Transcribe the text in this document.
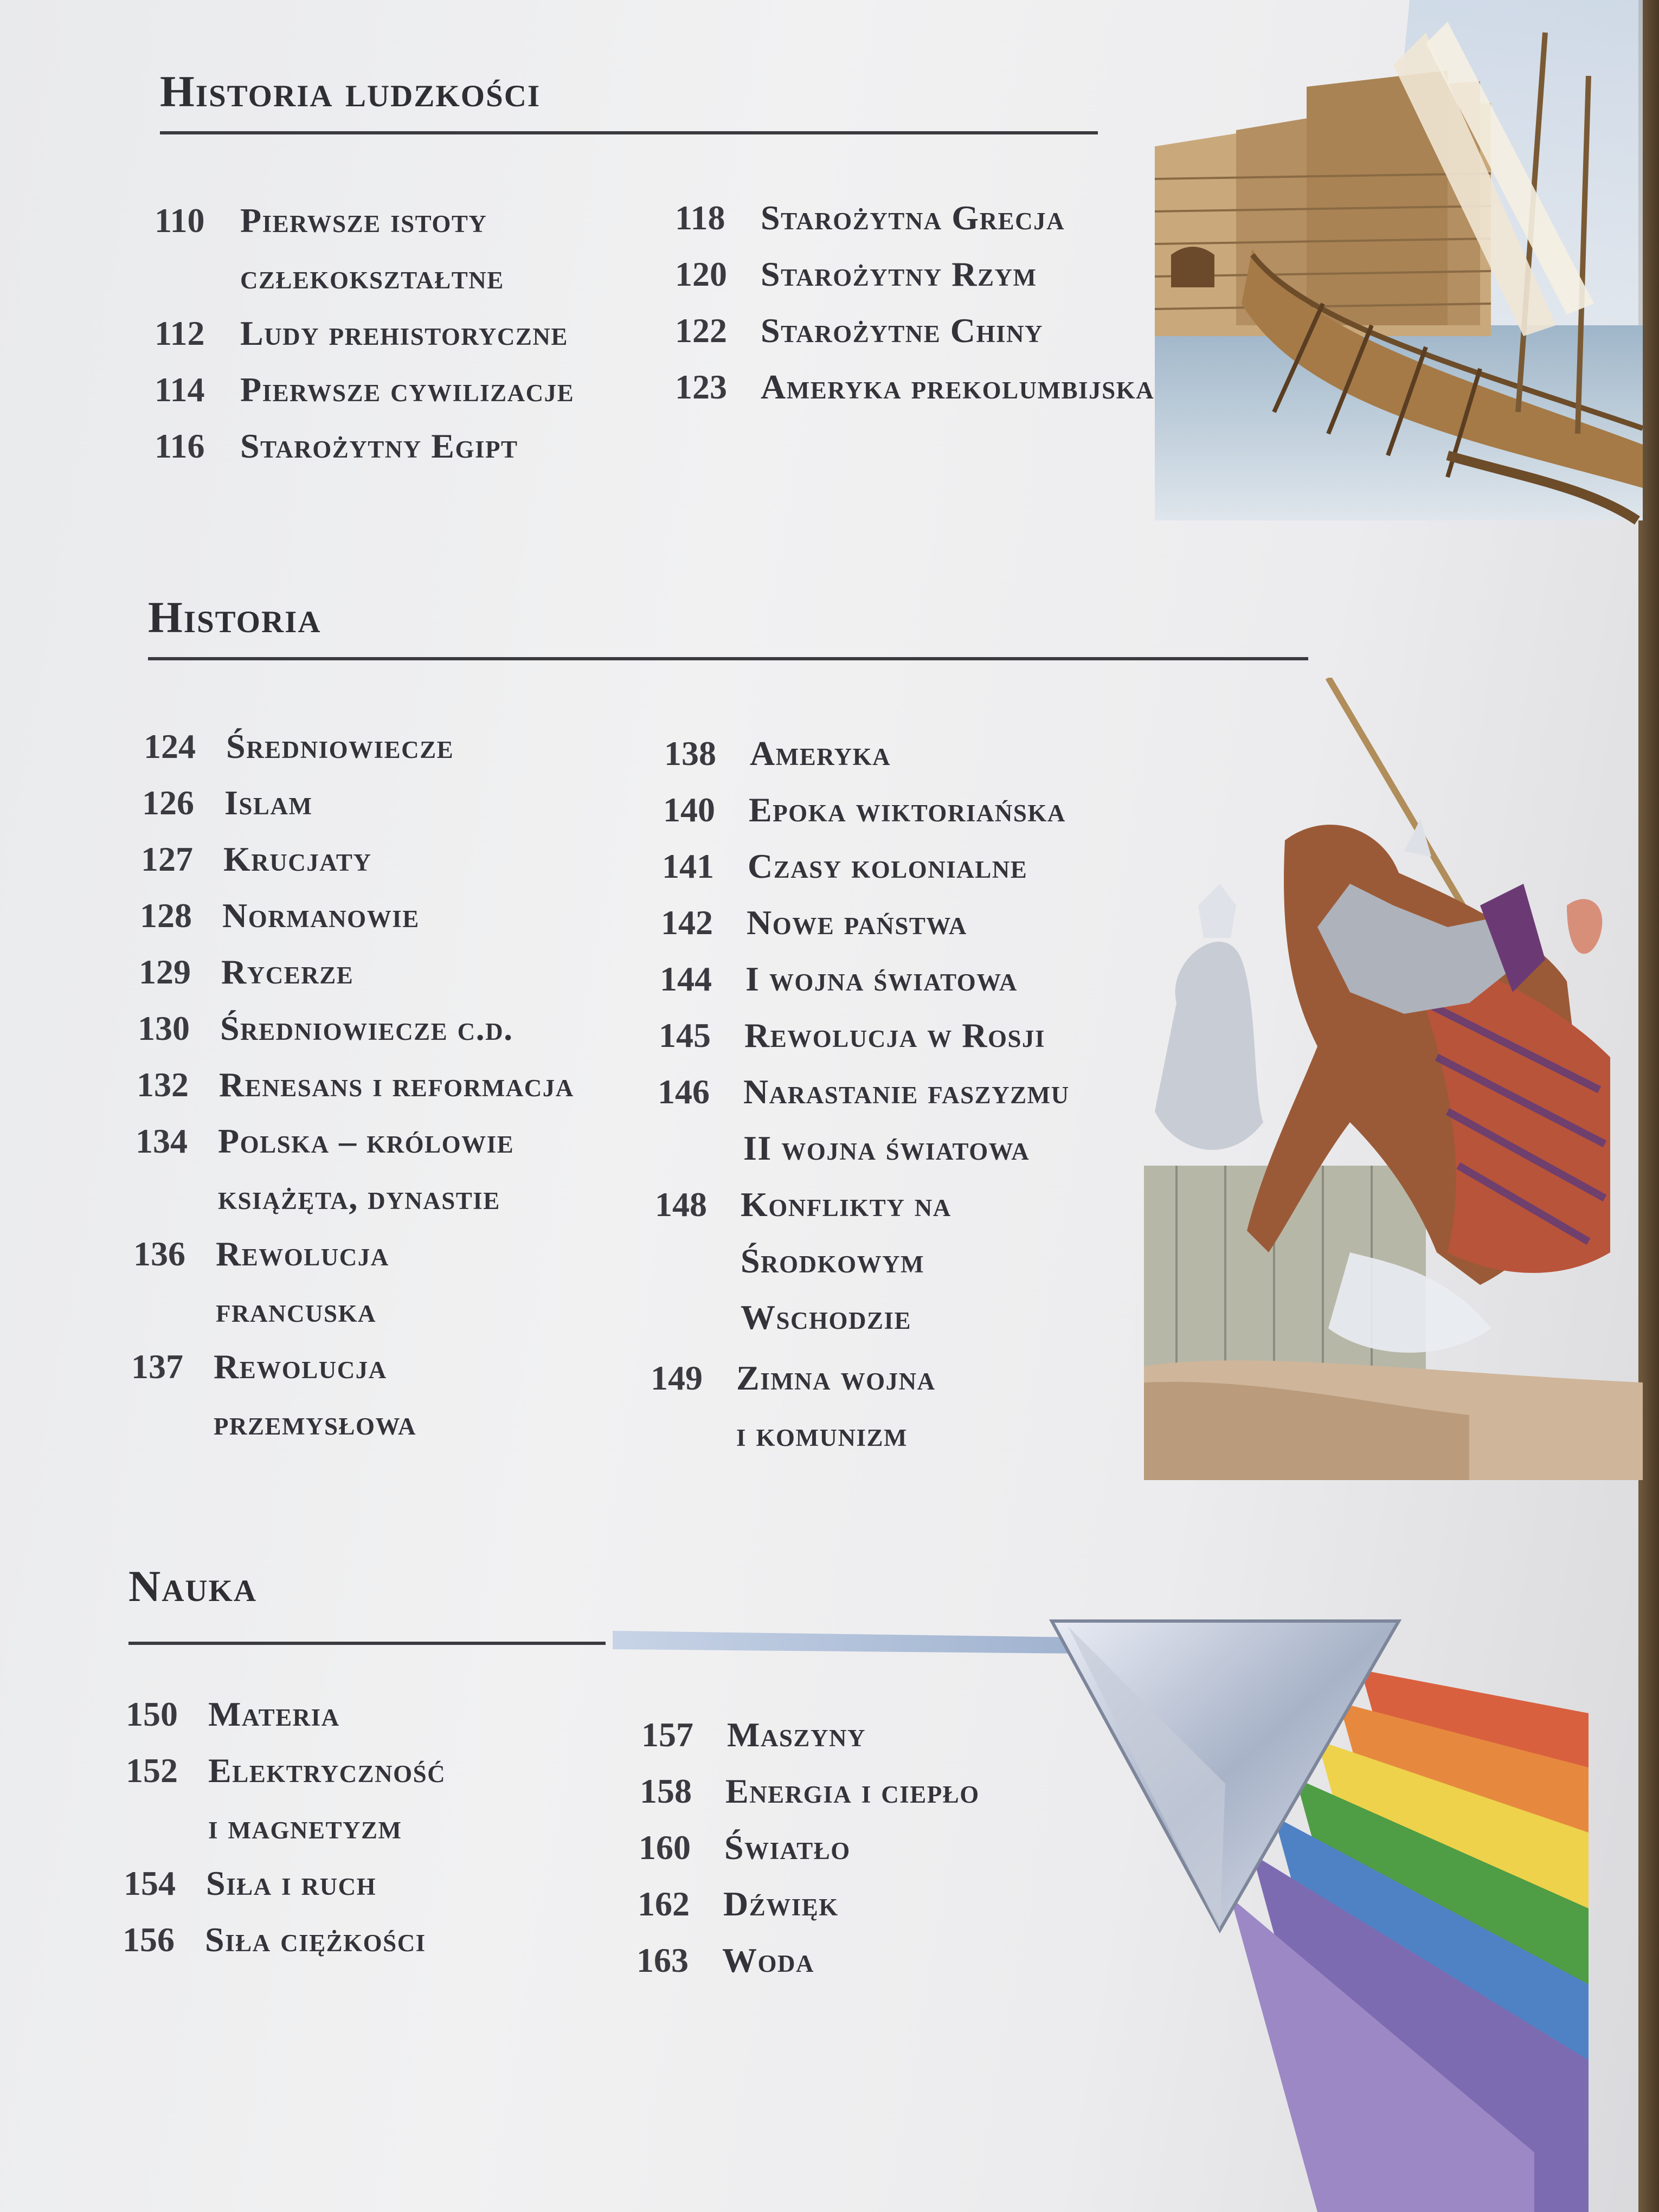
Historia ludzkości
110 Pierwsze istoty
człekokształtne
112 Ludy prehistoryczne
114 Pierwsze cywilizacje
116 Starożytny Egipt
118 Starożytna Grecja
120 Starożytny Rzym
122 Starożytne Chiny
123 Ameryka prekolumbijska
Historia
124 Średniowiecze
126 Islam
127 Krucjaty
128 Normanowie
129 Rycerze
130 Średniowiecze c.d.
132 Renesans i reformacja
134 Polska – królowie
książęta, dynastie
136 Rewolucja
francuska
137 Rewolucja
przemysłowa
138 Ameryka
140 Epoka wiktoriańska
141 Czasy kolonialne
142 Nowe państwa
144 I wojna światowa
145 Rewolucja w Rosji
146 Narastanie faszyzmu
II wojna światowa
148 Konflikty na
Środkowym
Wschodzie
149 Zimna wojna
i komunizm
Nauka
150 Materia
152 Elektryczność
i magnetyzm
154 Siła i ruch
156 Siła ciężkości
157 Maszyny
158 Energia i ciepło
160 Światło
162 Dźwięk
163 Woda
